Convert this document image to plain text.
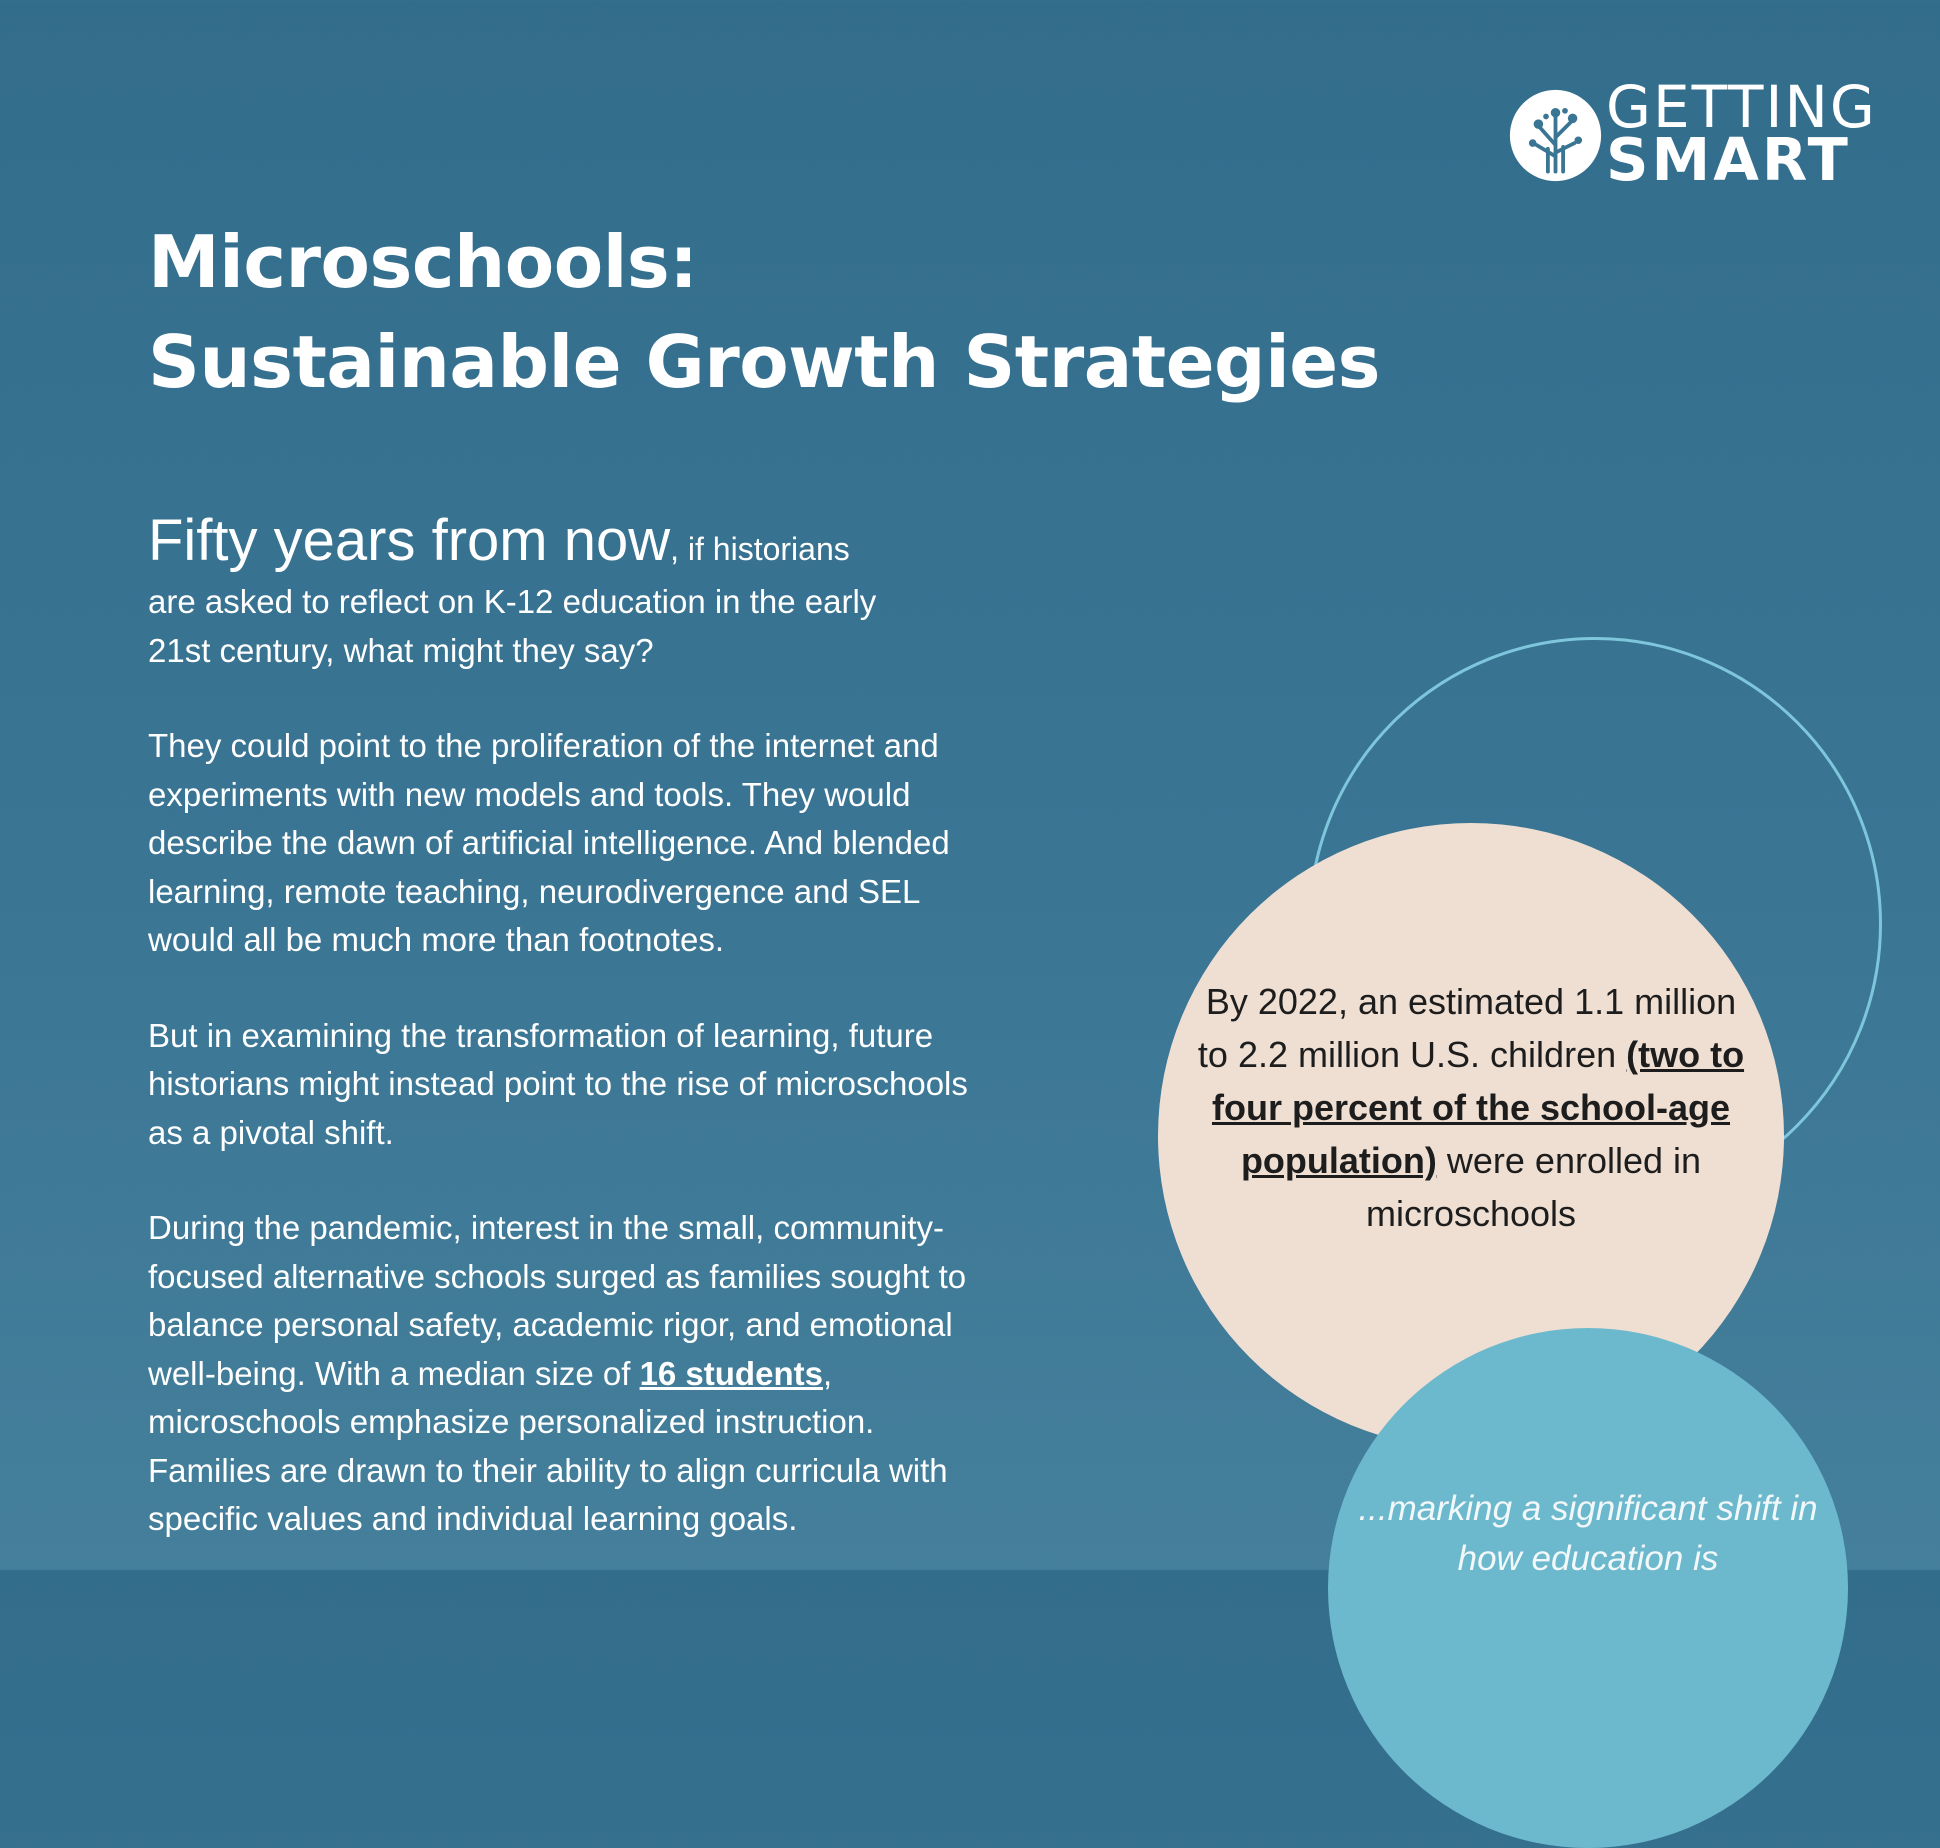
GETTING
SMART
Microschools:
Sustainable Growth Strategies
Fifty years from now, if historians

are asked to reflect on K-12 education in the early
21st century, what might they say?

They could point to the proliferation of the internet and
experiments with new models and tools. They would
describe the dawn of artificial intelligence. And blended
learning, remote teaching, neurodivergence and SEL
would all be much more than footnotes.

But in examining the transformation of learning, future
historians might instead point to the rise of microschools
as a pivotal shift.

During the pandemic, interest in the small, community-
focused alternative schools surged as families sought to
balance personal safety, academic rigor, and emotional
well-being. With a median size of 16 students,
microschools emphasize personalized instruction.
Families are drawn to their ability to align curricula with
specific values and individual learning goals.

By 2022, an estimated 1.1 million to 2.2 million U.S. children (two to four percent of the school-age population) were enrolled in microschools
...marking a significant shift in how education is
